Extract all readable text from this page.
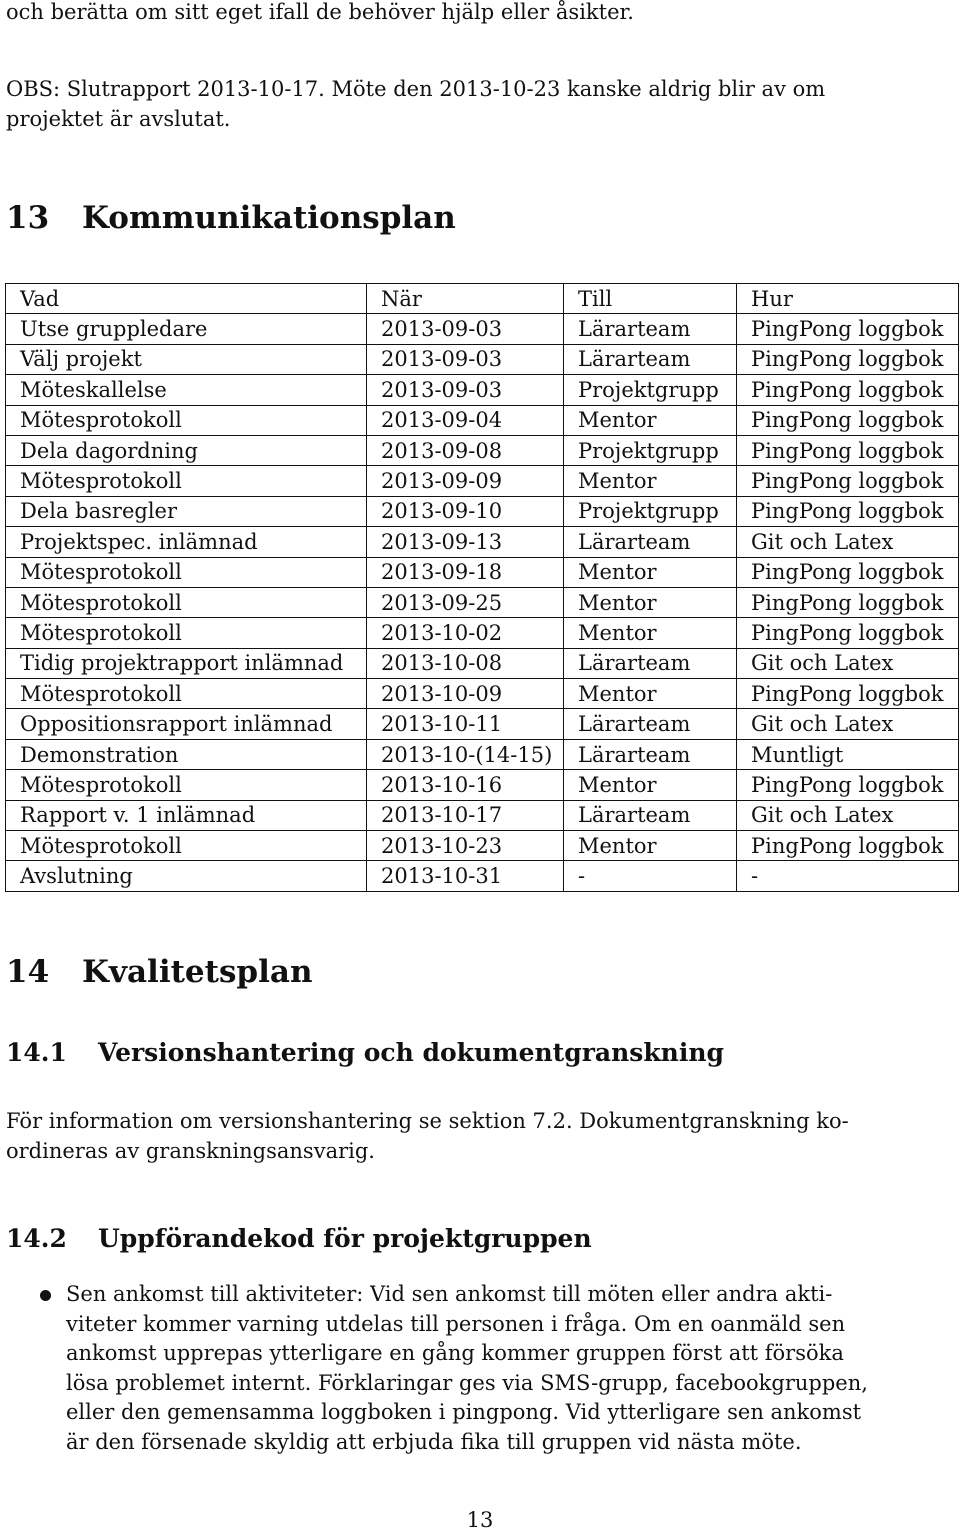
och berätta om sitt eget ifall de behöver hjälp eller åsikter.
OBS: Slutrapport 2013-10-17. Möte den 2013-10-23 kanske aldrig blir av om
projektet är avslutat.
13 Kommunikationsplan
Vad	När	Till	Hur
Utse gruppledare	2013-09-03	Lärarteam	PingPong loggbok
Välj projekt	2013-09-03	Lärarteam	PingPong loggbok
Möteskallelse	2013-09-03	Projektgrupp	PingPong loggbok
Mötesprotokoll	2013-09-04	Mentor	PingPong loggbok
Dela dagordning	2013-09-08	Projektgrupp	PingPong loggbok
Mötesprotokoll	2013-09-09	Mentor	PingPong loggbok
Dela basregler	2013-09-10	Projektgrupp	PingPong loggbok
Projektspec. inlämnad	2013-09-13	Lärarteam	Git och Latex
Mötesprotokoll	2013-09-18	Mentor	PingPong loggbok
Mötesprotokoll	2013-09-25	Mentor	PingPong loggbok
Mötesprotokoll	2013-10-02	Mentor	PingPong loggbok
Tidig projektrapport inlämnad	2013-10-08	Lärarteam	Git och Latex
Mötesprotokoll	2013-10-09	Mentor	PingPong loggbok
Oppositionsrapport inlämnad	2013-10-11	Lärarteam	Git och Latex
Demonstration	2013-10-(14-15)	Lärarteam	Muntligt
Mötesprotokoll	2013-10-16	Mentor	PingPong loggbok
Rapport v. 1 inlämnad	2013-10-17	Lärarteam	Git och Latex
Mötesprotokoll	2013-10-23	Mentor	PingPong loggbok
Avslutning	2013-10-31	-	-
14 Kvalitetsplan
14.1 Versionshantering och dokumentgranskning
För information om versionshantering se sektion 7.2. Dokumentgranskning ko-
ordineras av granskningsansvarig.
14.2 Uppförandekod för projektgruppen
Sen ankomst till aktiviteter: Vid sen ankomst till möten eller andra akti-
viteter kommer varning utdelas till personen i fråga. Om en oanmäld sen
ankomst upprepas ytterligare en gång kommer gruppen först att försöka
lösa problemet internt. Förklaringar ges via SMS-grupp, facebookgruppen,
eller den gemensamma loggboken i pingpong. Vid ytterligare sen ankomst
är den försenade skyldig att erbjuda fika till gruppen vid nästa möte.
13
